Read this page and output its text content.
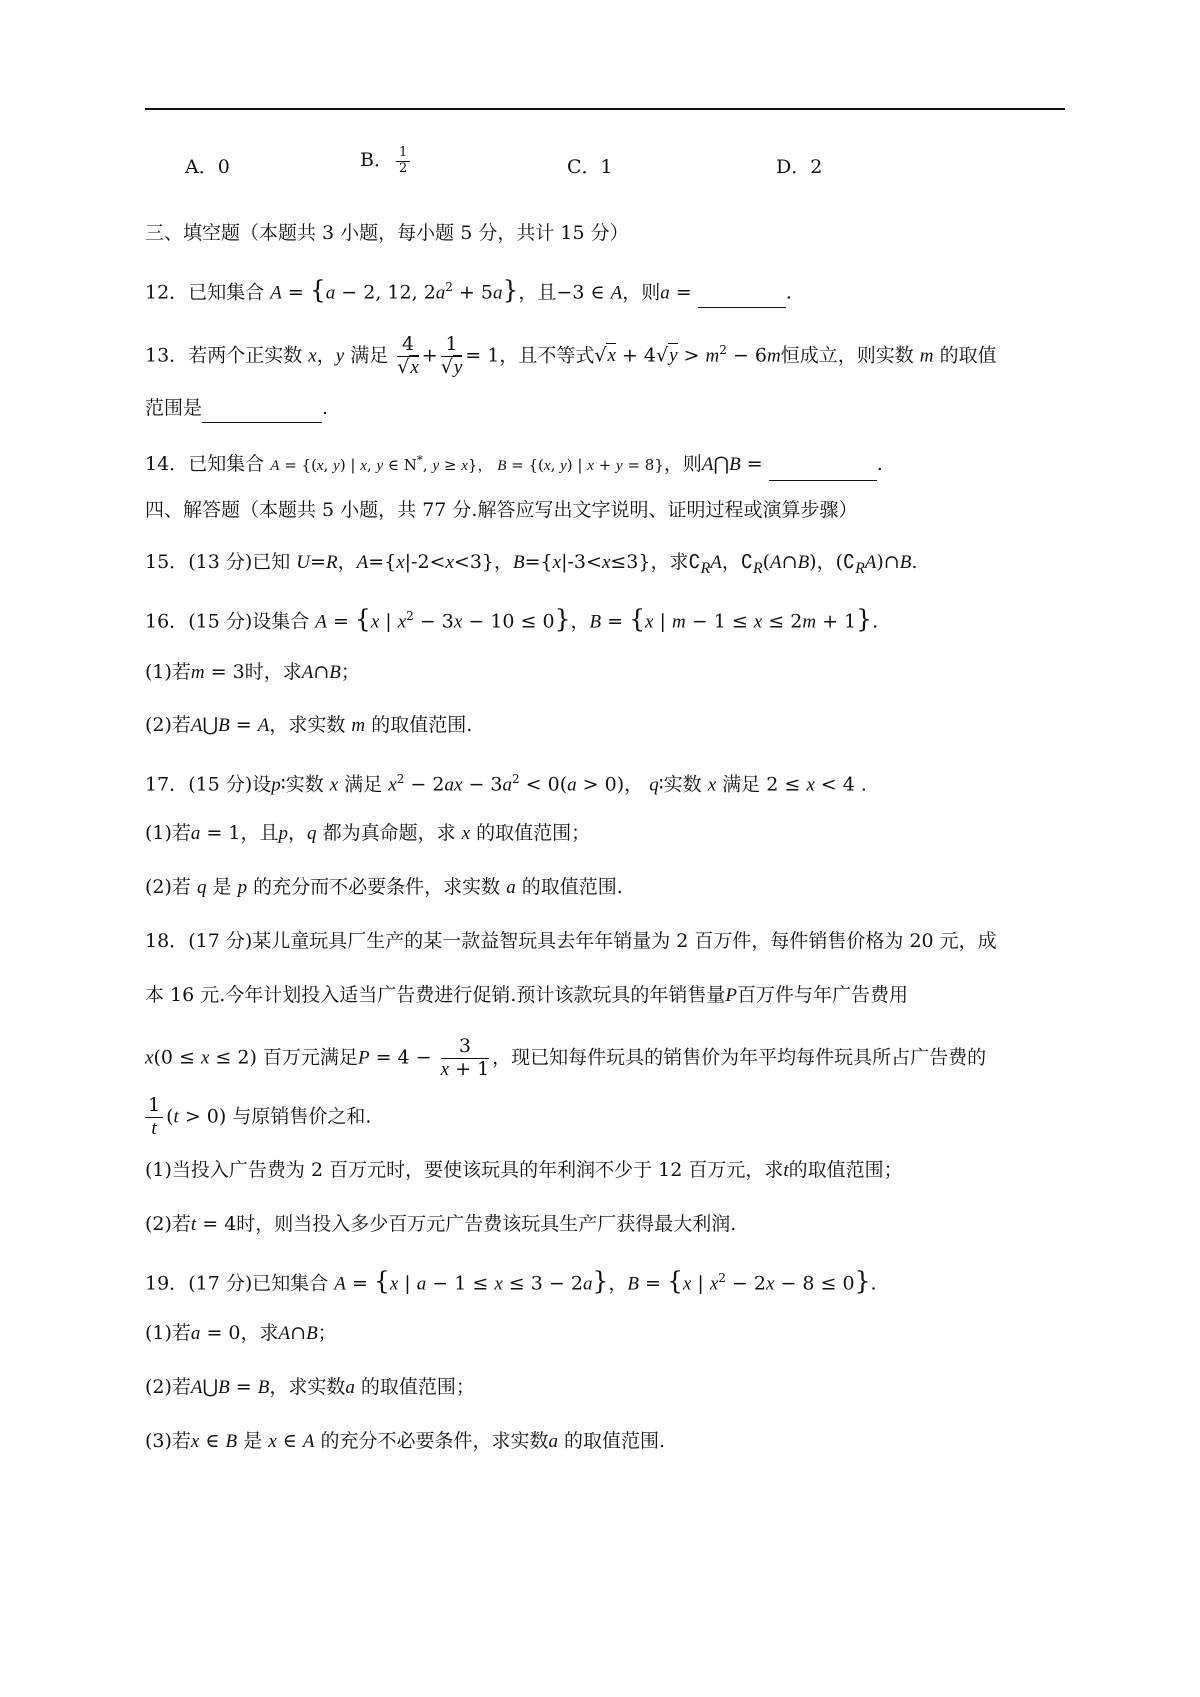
A．0	B． $\frac{1}{2}$	C．1	D．2
三、填空题（本题共 3 小题，每小题 5 分，共计 15 分）
12．已知集合 A = {a − 2, 12, $2a^2 + 5a$}，且−3 ∈ A，则a =	.
13．若两个正实数 x，y 满足 $\frac{4}{√x} + \frac{1}{√y} = 1$，且不等式$√x + 4√y > m^2 - 6m$恒成立，则实数 m 的取值
范围是	.
14．已知集合 A = {(x, y) | x, y ∈ N*, y ≥ x}， B = {(x, y) | x + y = 8}，则A⋂B =	.
四、解答题（本题共 5 小题，共 77 分.解答应写出文字说明、证明过程或演算步骤）
15．(13 分)已知 U=R，A={x|-2<x<3}，B={x|-3<x≤3}，求$∁_RA$，$∁_R(A\cap B)$，$(∁_RA)\cap B$.
16．(15 分)设集合 A = {x | $x^2 - 3x - 10 \le 0$}，B = {x | m − 1 ≤ x ≤ 2m + 1}.
(1)若m = 3时，求A∩B；
(2)若A⋃B = A，求实数 m 的取值范围.
17．(15 分)设p∶实数 x 满足 $x^2 - 2ax - 3a^2 < 0(a > 0)$， q∶实数 x 满足 2 ≤ x < 4 .
(1)若a = 1，且p，q 都为真命题，求 x 的取值范围；
(2)若 q 是 p 的充分而不必要条件，求实数 a 的取值范围.
18．(17 分)某儿童玩具厂生产的某一款益智玩具去年年销量为 2 百万件，每件销售价格为 20 元，成
本 16 元.今年计划投入适当广告费进行促销.预计该款玩具的年销售量P百万件与年广告费用
x(0 ≤ x ≤ 2) 百万元满足$P = 4 - \frac{3}{x + 1}$ ，现已知每件玩具的销售价为年平均每件玩具所占广告费的
$\frac{1}{t} (t > 0)$ 与原销售价之和.
(1)当投入广告费为 2 百万元时，要使该玩具的年利润不少于 12 百万元，求t的取值范围；
(2)若t = 4时，则当投入多少百万元广告费该玩具生产厂获得最大利润.
19．(17 分)已知集合 A = {x | a − 1 ≤ x ≤ 3 − 2a}，B = {x | $x^2 - 2x - 8 \le 0$}.
(1)若a = 0，求A∩B；
(2)若A⋃B = B，求实数a 的取值范围；
(3)若x ∈ B 是 x ∈ A 的充分不必要条件，求实数a 的取值范围.
